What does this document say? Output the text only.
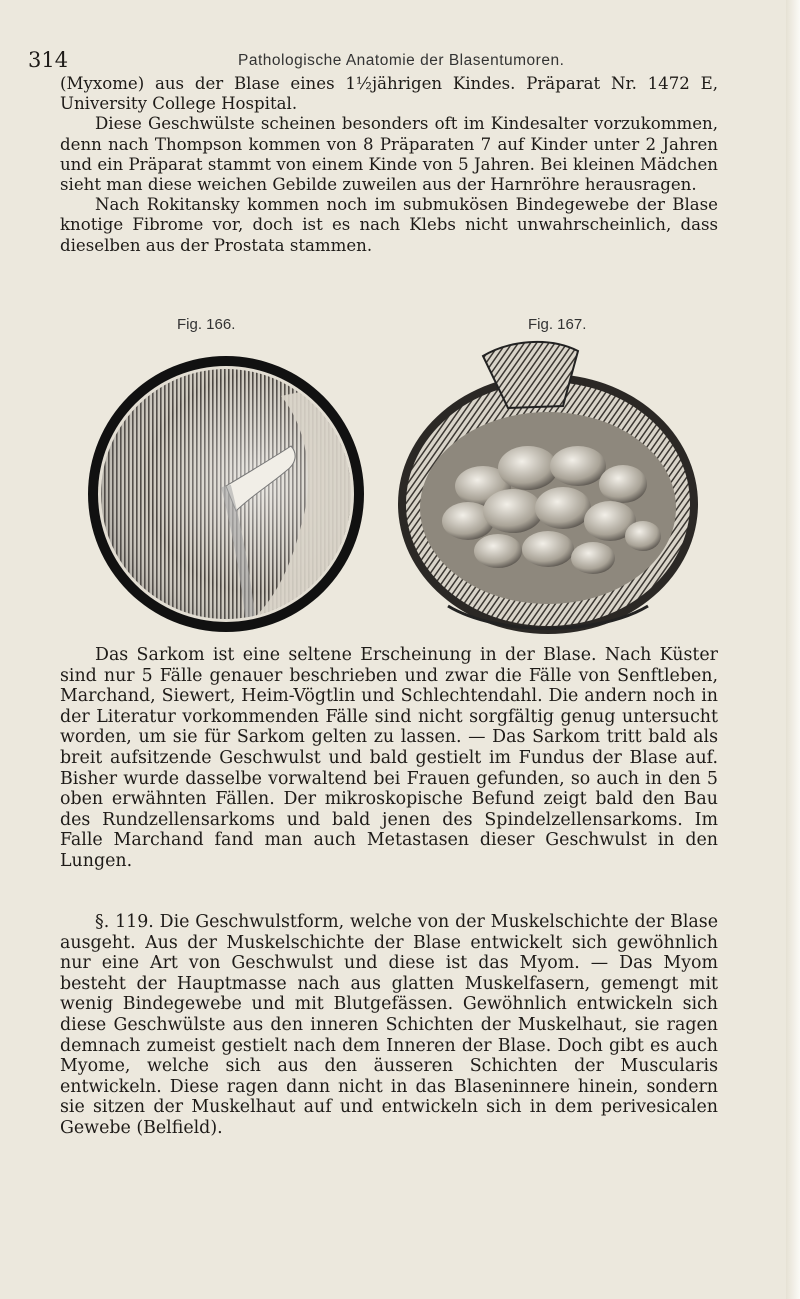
314	Pathologische Anatomie der Blasentumoren.

(Myxome) aus der Blase eines 1½jährigen Kindes. Präparat Nr. 1472 E, University College Hospital.

Diese Geschwülste scheinen besonders oft im Kindesalter vorzukommen, denn nach Thompson kommen von 8 Präparaten 7 auf Kinder unter 2 Jahren und ein Präparat stammt von einem Kinde von 5 Jahren. Bei kleinen Mädchen sieht man diese weichen Gebilde zuweilen aus der Harnröhre herausragen.

Nach Rokitansky kommen noch im submukösen Bindegewebe der Blase knotige Fibrome vor, doch ist es nach Klebs nicht unwahrscheinlich, dass dieselben aus der Prostata stammen.

Fig. 166.	Fig. 167.

Das Sarkom ist eine seltene Erscheinung in der Blase. Nach Küster sind nur 5 Fälle genauer beschrieben und zwar die Fälle von Senftleben, Marchand, Siewert, Heim-Vögtlin und Schlechtendahl. Die andern noch in der Literatur vorkommenden Fälle sind nicht sorgfältig genug untersucht worden, um sie für Sarkom gelten zu lassen. — Das Sarkom tritt bald als breit aufsitzende Geschwulst und bald gestielt im Fundus der Blase auf. Bisher wurde dasselbe vorwaltend bei Frauen gefunden, so auch in den 5 oben erwähnten Fällen. Der mikroskopische Befund zeigt bald den Bau des Rundzellensarkoms und bald jenen des Spindelzellensarkoms. Im Falle Marchand fand man auch Metastasen dieser Geschwulst in den Lungen.

§. 119. Die Geschwulstform, welche von der Muskelschichte der Blase ausgeht. Aus der Muskelschichte der Blase entwickelt sich gewöhnlich nur eine Art von Geschwulst und diese ist das Myom. — Das Myom besteht der Hauptmasse nach aus glatten Muskelfasern, gemengt mit wenig Bindegewebe und mit Blutgefässen. Gewöhnlich entwickeln sich diese Geschwülste aus den inneren Schichten der Muskelhaut, sie ragen demnach zumeist gestielt nach dem Inneren der Blase. Doch gibt es auch Myome, welche sich aus den äusseren Schichten der Muscularis entwickeln. Diese ragen dann nicht in das Blaseninnere hinein, sondern sie sitzen der Muskelhaut auf und entwickeln sich in dem perivesicalen Gewebe (Belfield).
